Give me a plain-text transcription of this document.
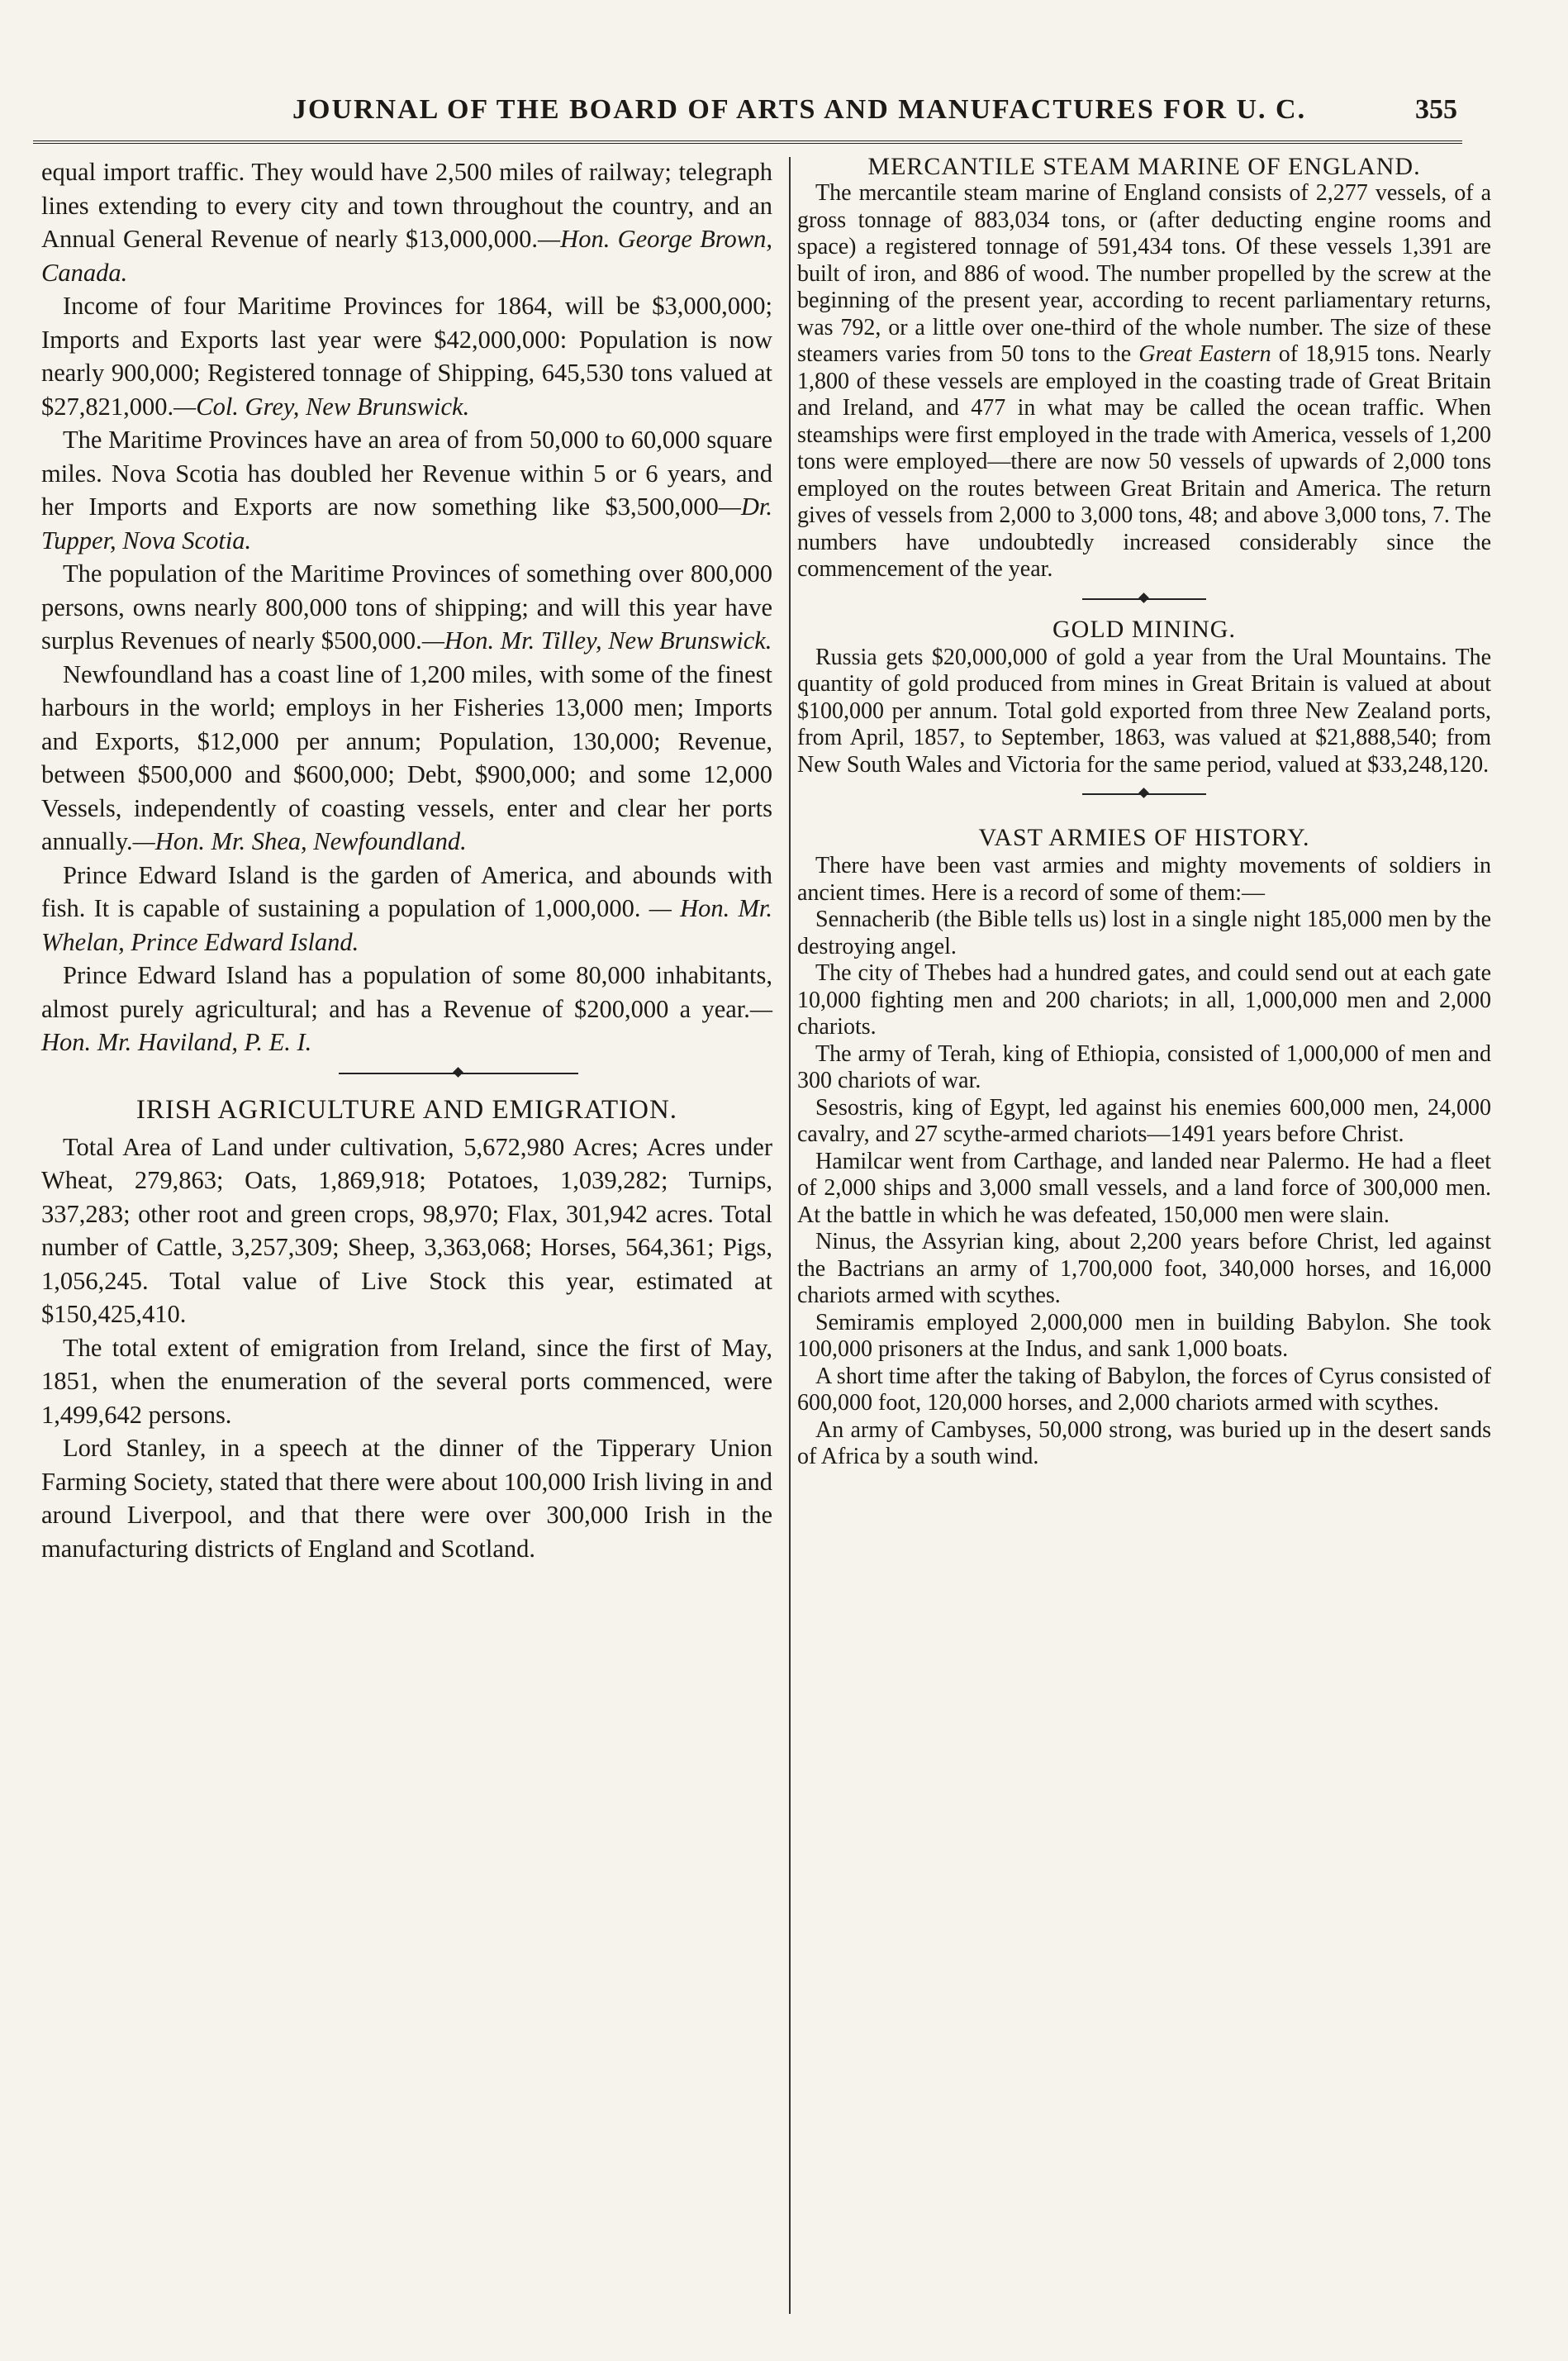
JOURNAL OF THE BOARD OF ARTS AND MANUFACTURES FOR U. C.	355

equal import traffic. They would have 2,500 miles of railway; telegraph lines extending to every city and town throughout the country, and an Annual General Revenue of nearly $13,000,000.—Hon. George Brown, Canada.

Income of four Maritime Provinces for 1864, will be $3,000,000; Imports and Exports last year were $42,000,000: Population is now nearly 900,000; Registered tonnage of Shipping, 645,530 tons valued at $27,821,000.—Col. Grey, New Brunswick.

The Maritime Provinces have an area of from 50,000 to 60,000 square miles. Nova Scotia has doubled her Revenue within 5 or 6 years, and her Imports and Exports are now something like $3,500,000—Dr. Tupper, Nova Scotia.

The population of the Maritime Provinces of something over 800,000 persons, owns nearly 800,000 tons of shipping; and will this year have surplus Revenues of nearly $500,000.—Hon. Mr. Tilley, New Brunswick.

Newfoundland has a coast line of 1,200 miles, with some of the finest harbours in the world; employs in her Fisheries 13,000 men; Imports and Exports, $12,000 per annum; Population, 130,000; Revenue, between $500,000 and $600,000; Debt, $900,000; and some 12,000 Vessels, independently of coasting vessels, enter and clear her ports annually.—Hon. Mr. Shea, Newfoundland.

Prince Edward Island is the garden of America, and abounds with fish. It is capable of sustaining a population of 1,000,000. — Hon. Mr. Whelan, Prince Edward Island.

Prince Edward Island has a population of some 80,000 inhabitants, almost purely agricultural; and has a Revenue of $200,000 a year.—Hon. Mr. Haviland, P. E. I.

IRISH AGRICULTURE AND EMIGRATION.

Total Area of Land under cultivation, 5,672,980 Acres; Acres under Wheat, 279,863; Oats, 1,869,918; Potatoes, 1,039,282; Turnips, 337,283; other root and green crops, 98,970; Flax, 301,942 acres. Total number of Cattle, 3,257,309; Sheep, 3,363,068; Horses, 564,361; Pigs, 1,056,245. Total value of Live Stock this year, estimated at $150,425,410.

The total extent of emigration from Ireland, since the first of May, 1851, when the enumeration of the several ports commenced, were 1,499,642 persons.

Lord Stanley, in a speech at the dinner of the Tipperary Union Farming Society, stated that there were about 100,000 Irish living in and around Liverpool, and that there were over 300,000 Irish in the manufacturing districts of England and Scotland.

MERCANTILE STEAM MARINE OF ENGLAND.

The mercantile steam marine of England consists of 2,277 vessels, of a gross tonnage of 883,034 tons, or (after deducting engine rooms and space) a registered tonnage of 591,434 tons. Of these vessels 1,391 are built of iron, and 886 of wood. The number propelled by the screw at the beginning of the present year, according to recent parliamentary returns, was 792, or a little over one-third of the whole number. The size of these steamers varies from 50 tons to the Great Eastern of 18,915 tons. Nearly 1,800 of these vessels are employed in the coasting trade of Great Britain and Ireland, and 477 in what may be called the ocean traffic. When steamships were first employed in the trade with America, vessels of 1,200 tons were employed—there are now 50 vessels of upwards of 2,000 tons employed on the routes between Great Britain and America. The return gives of vessels from 2,000 to 3,000 tons, 48; and above 3,000 tons, 7. The numbers have undoubtedly increased considerably since the commencement of the year.

GOLD MINING.

Russia gets $20,000,000 of gold a year from the Ural Mountains. The quantity of gold produced from mines in Great Britain is valued at about $100,000 per annum. Total gold exported from three New Zealand ports, from April, 1857, to September, 1863, was valued at $21,888,540; from New South Wales and Victoria for the same period, valued at $33,248,120.

VAST ARMIES OF HISTORY.

There have been vast armies and mighty movements of soldiers in ancient times. Here is a record of some of them:—

Sennacherib (the Bible tells us) lost in a single night 185,000 men by the destroying angel.

The city of Thebes had a hundred gates, and could send out at each gate 10,000 fighting men and 200 chariots; in all, 1,000,000 men and 2,000 chariots.

The army of Terah, king of Ethiopia, consisted of 1,000,000 of men and 300 chariots of war.

Sesostris, king of Egypt, led against his enemies 600,000 men, 24,000 cavalry, and 27 scythe-armed chariots—1491 years before Christ.

Hamilcar went from Carthage, and landed near Palermo. He had a fleet of 2,000 ships and 3,000 small vessels, and a land force of 300,000 men. At the battle in which he was defeated, 150,000 men were slain.

Ninus, the Assyrian king, about 2,200 years before Christ, led against the Bactrians an army of 1,700,000 foot, 340,000 horses, and 16,000 chariots armed with scythes.

Semiramis employed 2,000,000 men in building Babylon. She took 100,000 prisoners at the Indus, and sank 1,000 boats.

A short time after the taking of Babylon, the forces of Cyrus consisted of 600,000 foot, 120,000 horses, and 2,000 chariots armed with scythes.

An army of Cambyses, 50,000 strong, was buried up in the desert sands of Africa by a south wind.
